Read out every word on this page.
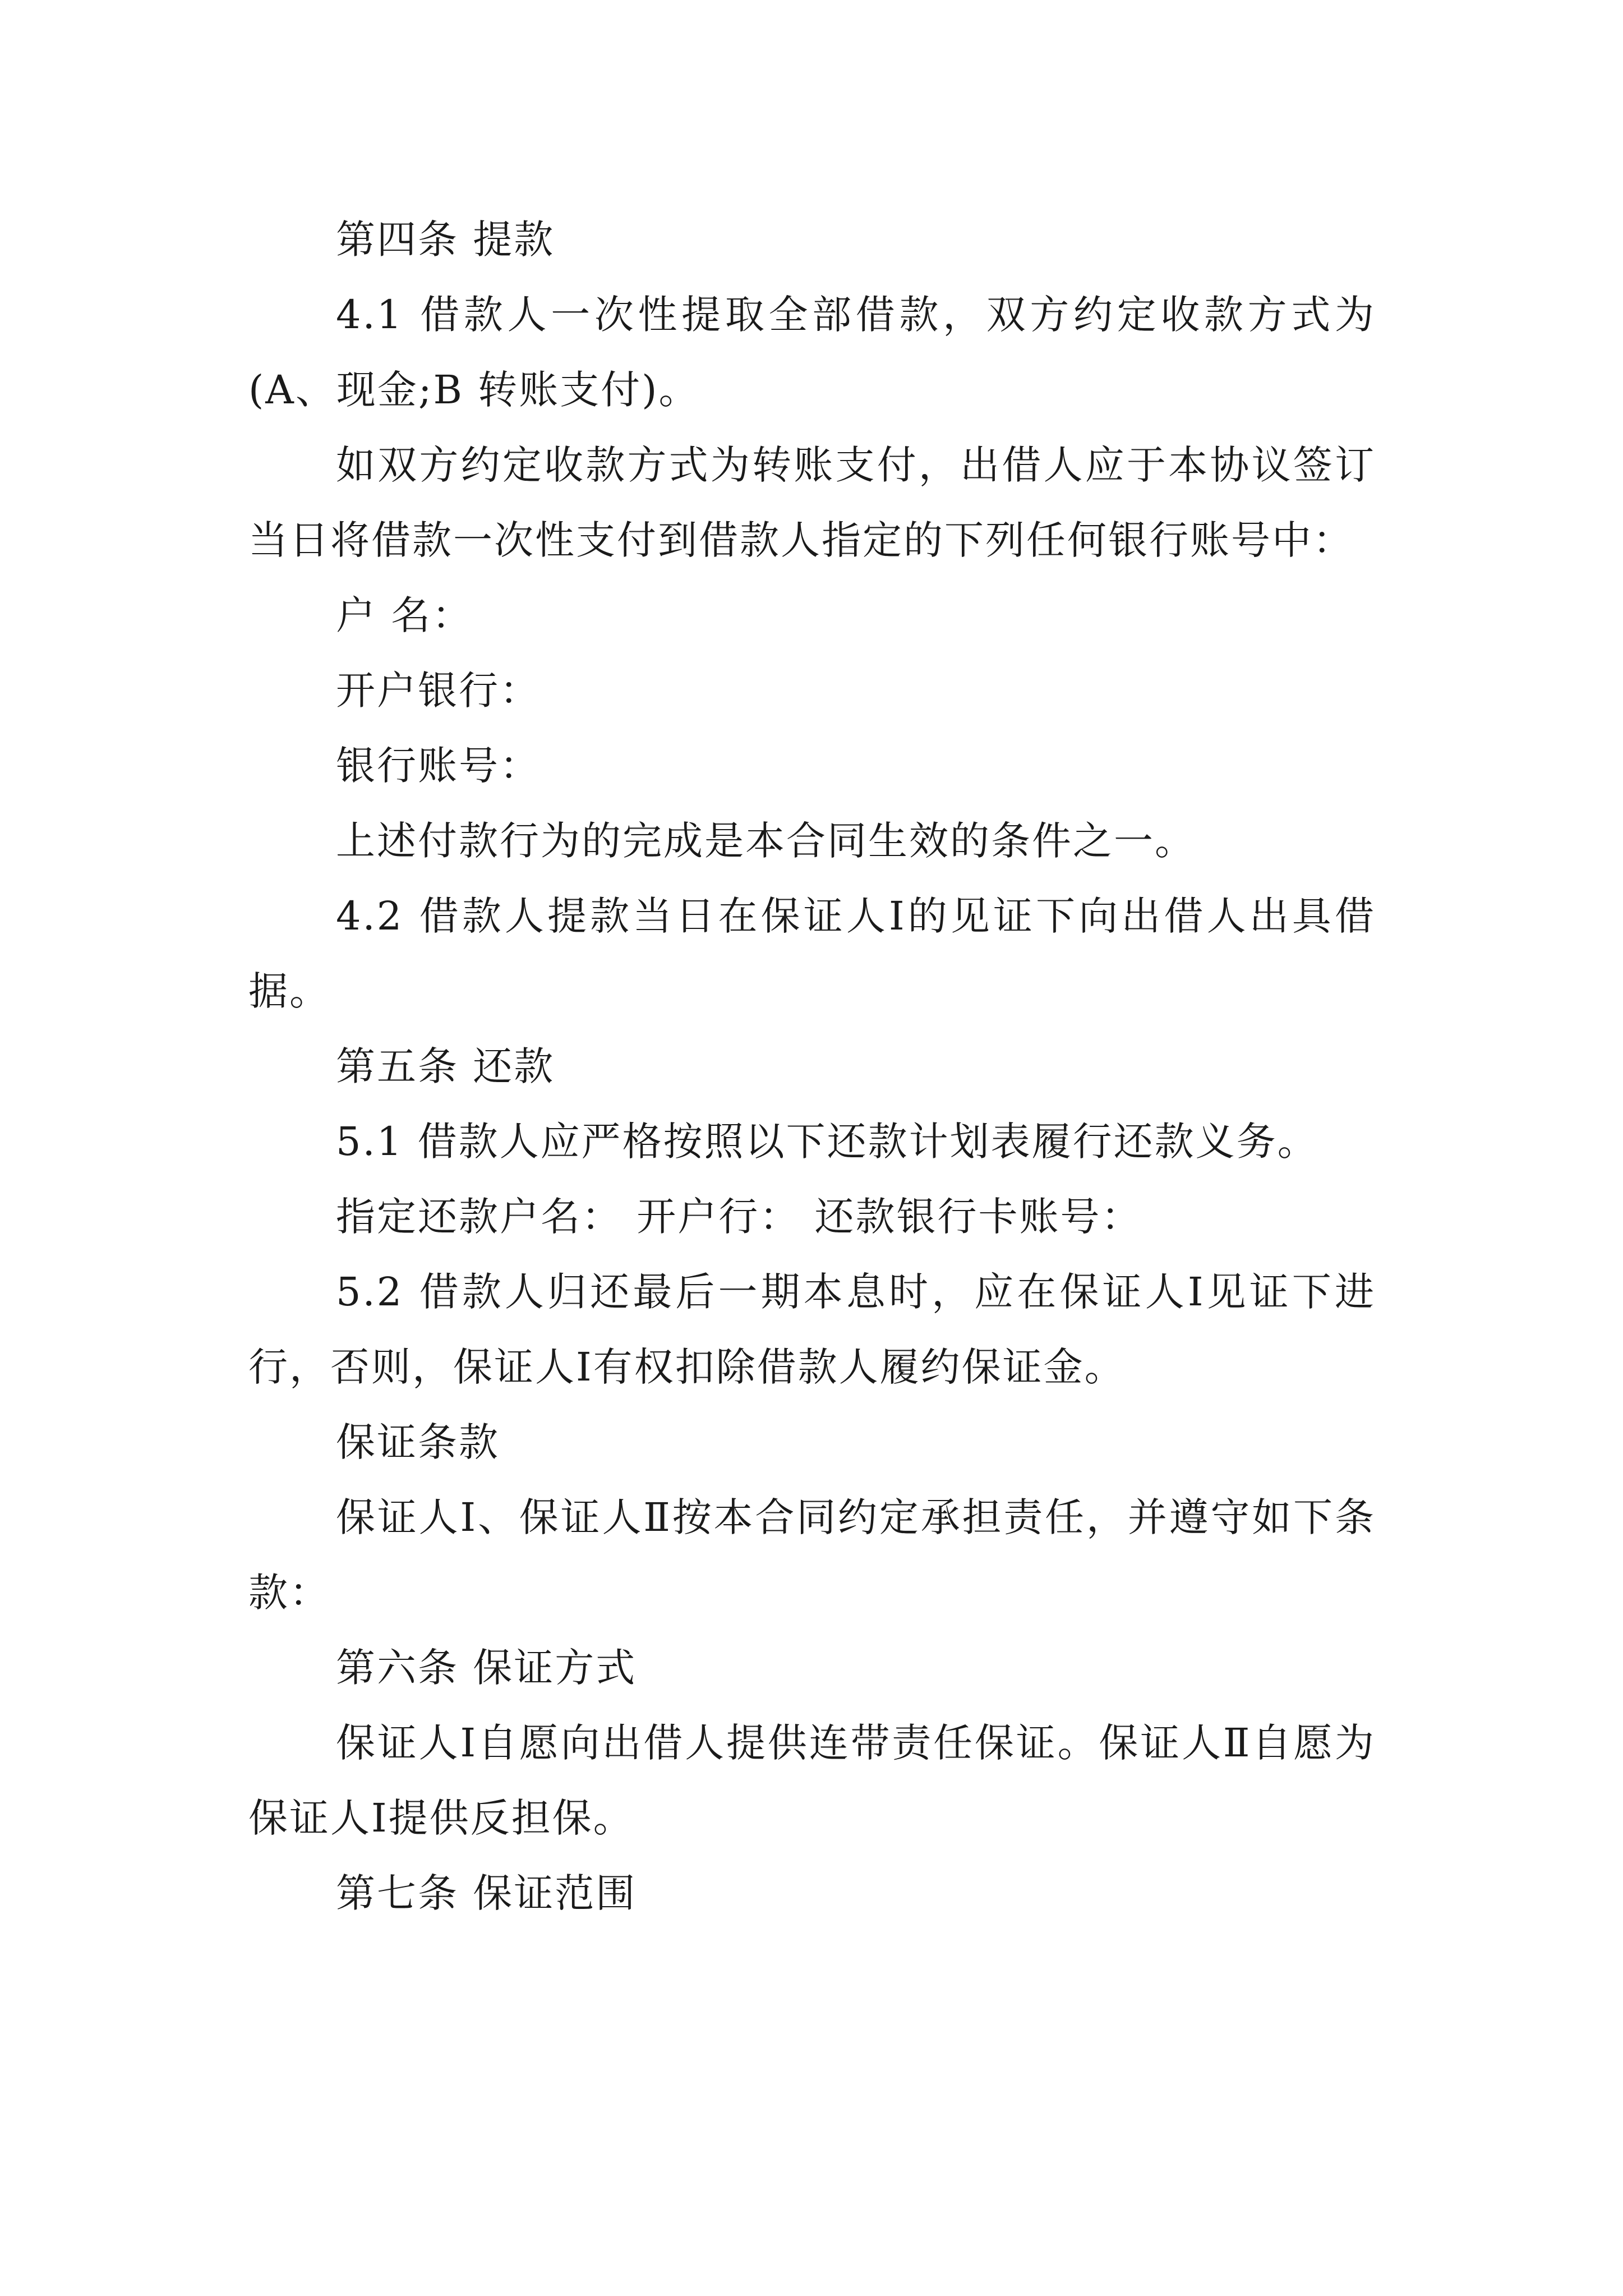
第四条 提款

4.1 借款人一次性提取全部借款，双方约定收款方式为(A、现金;B 转账支付)。

如双方约定收款方式为转账支付，出借人应于本协议签订当日将借款一次性支付到借款人指定的下列任何银行账号中：

户 名：

开户银行：

银行账号：

上述付款行为的完成是本合同生效的条件之一。

4.2 借款人提款当日在保证人Ⅰ的见证下向出借人出具借据。

第五条 还款

5.1 借款人应严格按照以下还款计划表履行还款义务。

指定还款户名： 开户行： 还款银行卡账号：

5.2 借款人归还最后一期本息时，应在保证人Ⅰ见证下进行，否则，保证人Ⅰ有权扣除借款人履约保证金。

保证条款

保证人Ⅰ、保证人Ⅱ按本合同约定承担责任，并遵守如下条款：

第六条 保证方式

保证人Ⅰ自愿向出借人提供连带责任保证。保证人Ⅱ自愿为保证人Ⅰ提供反担保。

第七条 保证范围
